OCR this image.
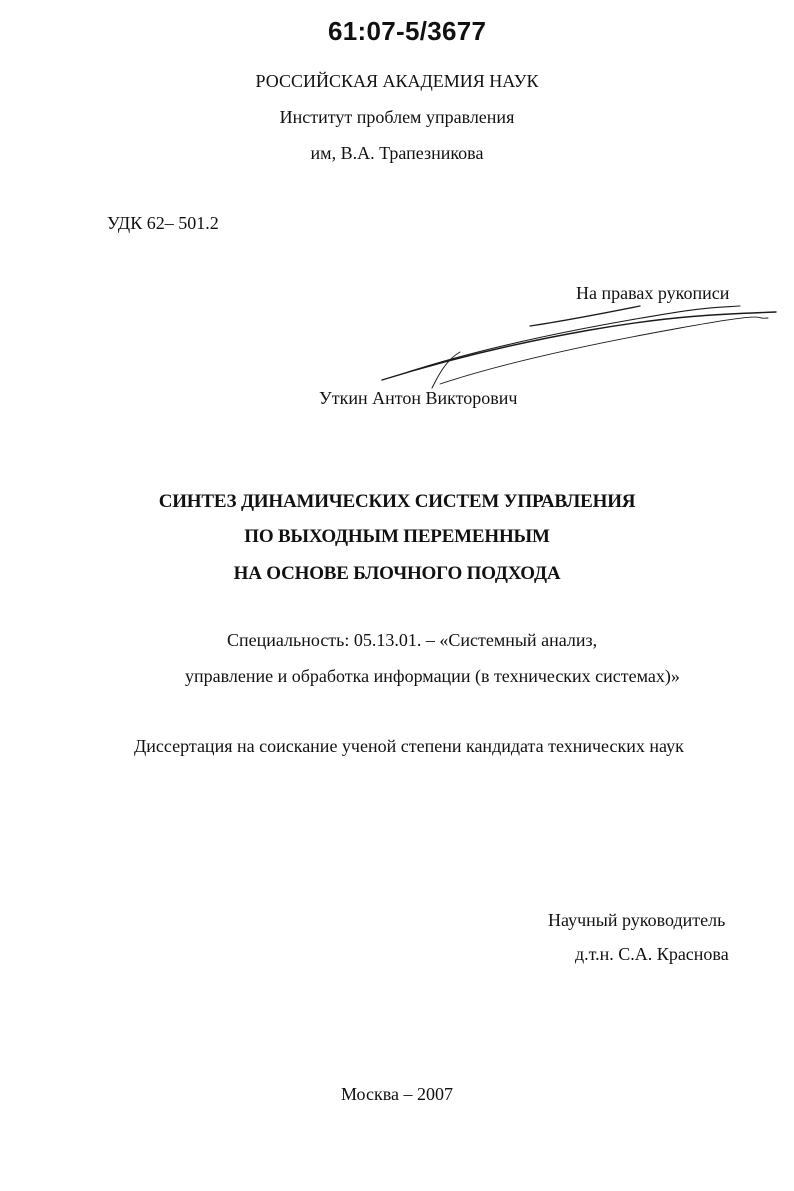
61:07-5/3677
РОССИЙСКАЯ АКАДЕМИЯ НАУК
Институт проблем управления
им, В.А. Трапезникова
УДК 62– 501.2
На правах рукописи
Уткин Антон Викторович
СИНТЕЗ ДИНАМИЧЕСКИХ СИСТЕМ УПРАВЛЕНИЯ
ПО ВЫХОДНЫМ ПЕРЕМЕННЫМ
НА ОСНОВЕ БЛОЧНОГО ПОДХОДА
Специальность: 05.13.01. – «Системный анализ,
управление и обработка информации (в технических системах)»
Диссертация на соискание ученой степени кандидата технических наук
Научный руководитель
д.т.н. С.А. Краснова
Москва – 2007
